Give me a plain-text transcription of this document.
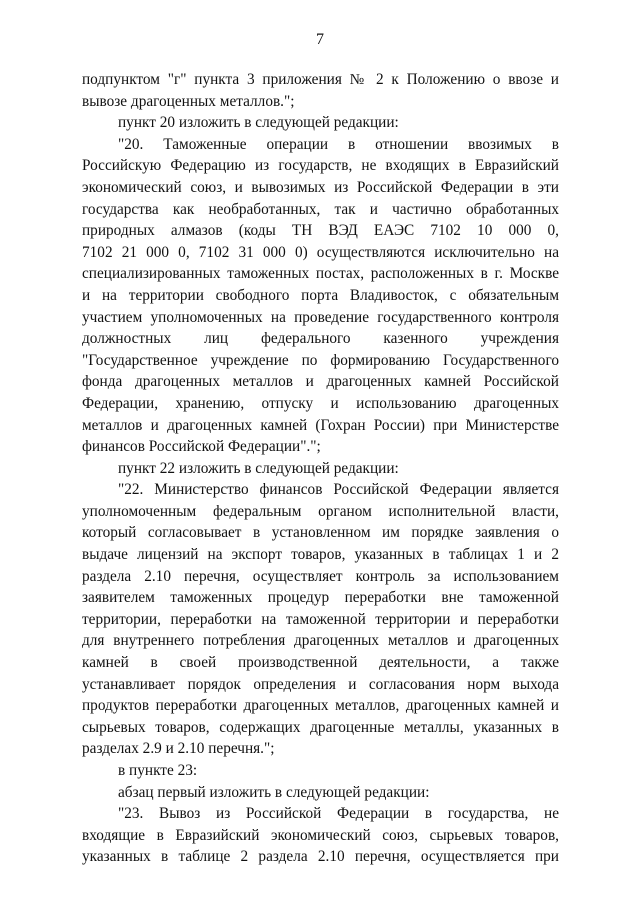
7
подпунктом "г" пункта 3 приложения № 2 к Положению о ввозе и
вывозе драгоценных металлов.";
пункт 20 изложить в следующей редакции:
"20. Таможенные операции в отношении ввозимых в
Российскую Федерацию из государств, не входящих в Евразийский
экономический союз, и вывозимых из Российской Федерации в эти
государства как необработанных, так и частично обработанных
природных алмазов (коды ТН ВЭД ЕАЭС 7102 10 000 0,
7102 21 000 0, 7102 31 000 0) осуществляются исключительно на
специализированных таможенных постах, расположенных в г. Москве
и на территории свободного порта Владивосток, с обязательным
участием уполномоченных на проведение государственного контроля
должностных лиц федерального казенного учреждения
"Государственное учреждение по формированию Государственного
фонда драгоценных металлов и драгоценных камней Российской
Федерации, хранению, отпуску и использованию драгоценных
металлов и драгоценных камней (Гохран России) при Министерстве
финансов Российской Федерации".";
пункт 22 изложить в следующей редакции:
"22. Министерство финансов Российской Федерации является
уполномоченным федеральным органом исполнительной власти,
который согласовывает в установленном им порядке заявления о
выдаче лицензий на экспорт товаров, указанных в таблицах 1 и 2
раздела 2.10 перечня, осуществляет контроль за использованием
заявителем таможенных процедур переработки вне таможенной
территории, переработки на таможенной территории и переработки
для внутреннего потребления драгоценных металлов и драгоценных
камней в своей производственной деятельности, а также
устанавливает порядок определения и согласования норм выхода
продуктов переработки драгоценных металлов, драгоценных камней и
сырьевых товаров, содержащих драгоценные металлы, указанных в
разделах 2.9 и 2.10 перечня.";
в пункте 23:
абзац первый изложить в следующей редакции:
"23. Вывоз из Российской Федерации в государства, не
входящие в Евразийский экономический союз, сырьевых товаров,
указанных в таблице 2 раздела 2.10 перечня, осуществляется при
